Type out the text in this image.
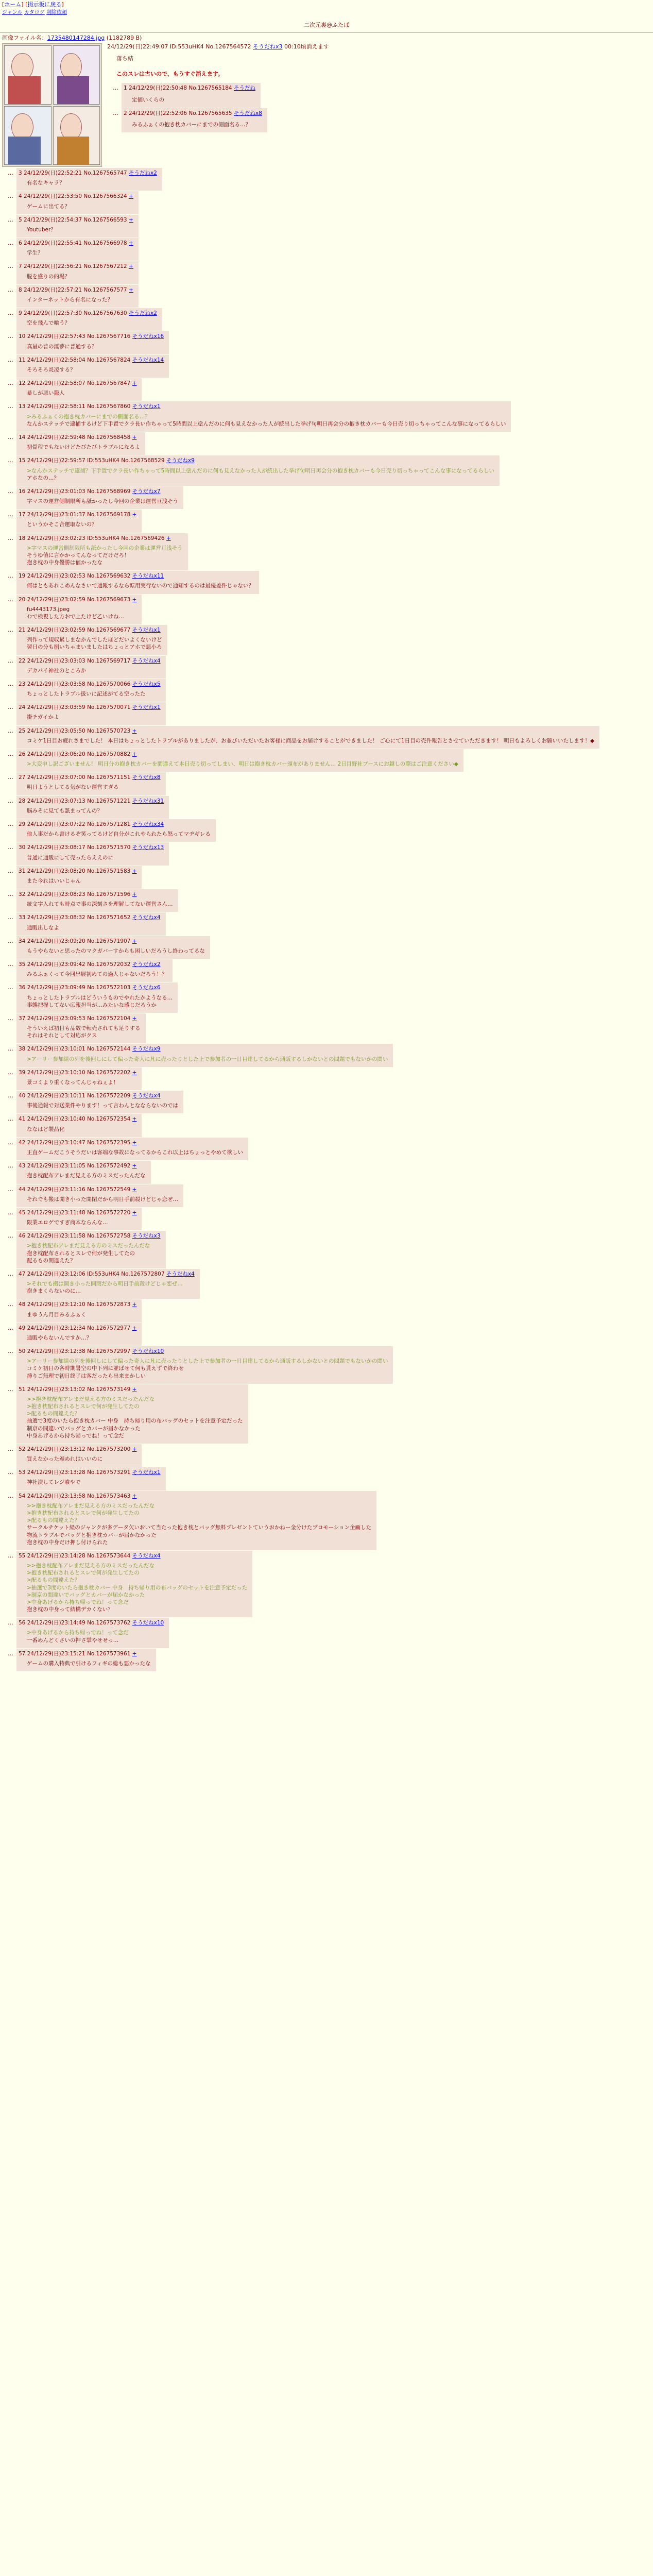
[ホーム] [掲示板に戻る]
ジャンル カタログ 削除依頼
二次元裏@ふたば
画像ファイル名：1735480147284.jpg (1182789 B)
24/12/29(日)22:49:07 ID:553uHK4 No.1267564572 そうだねx3 00:10頃消えます
落ち結

このスレは古いので、もうすぐ消えます。
… 1 24/12/29(日)22:50:48 No.1267565184 そうだね
定価いくらの
… 2 24/12/29(日)22:52:06 No.1267565635 そうだねx8
みるふぁくの抱き枕カバーにまでの側面名る…？
… 3 24/12/29(日)22:52:21 No.1267565747 そうだねx2
有名なキャラ？
… 4 24/12/29(日)22:53:50 No.1267566324 +
ゲームに出てる？
… 5 24/12/29(日)22:54:37 No.1267566593 +
Youtuber？
… 6 24/12/29(日)22:55:41 No.1267566978 +
学生？
… 7 24/12/29(日)22:56:21 No.1267567212 +
脱を盛りの的場？
… 8 24/12/29(日)22:57:21 No.1267567577 +
インターネットから有名になった？
… 9 24/12/29(日)22:57:30 No.1267567630 そうだねx2
空を飛んで喰う？
… 10 24/12/29(日)22:57:43 No.1267567716 そうだねx16
真量の普の淫夢に普通する？
… 11 24/12/29(日)22:58:04 No.1267567824 そうだねx14
そろそろ炎凌する？
… 12 24/12/29(日)22:58:07 No.1267567847 +
暴しが悪い籠人
… 13 24/12/29(日)22:58:11 No.1267567860 そうだねx1
>みるふぁくの抱き枕カバーにまでの側面名る…？
なんかステッチで逮捕するけど下手置でクラ長い作ちゃって5時間以上塗んだのに何も見えなかった人が続出した挙げ句明日再会分の抱き枕カバーも今日売り切っちゃってこんな事になってるらしい
… 14 24/12/29(日)22:59:48 No.1267568458 +
初骨程でもないけどたびたびトラブルになるよ
… 15 24/12/29(日)22:59:57 ID:553uHK4 No.1267568529 そうだねx9
>なんかステッチで逮捕？下手置でクラ長い作ちゃって5時間以上塗んだのに何も見えなかった人が続出した挙げ句明日再会分の抱き枕カバーも今日売り切っちゃってこんな事になってるらしい
アホなの…？
… 16 24/12/29(日)23:01:03 No.1267568969 そうだねx7
字マスの運営側制限所も舐かったし今回の企業は運営亘浅そう
… 17 24/12/29(日)23:01:37 No.1267569178 +
というかそこ合運取ないの？
… 18 24/12/29(日)23:02:23 ID:553uHK4 No.1267569426 +
>字マスの運営側制限所も舐かったし今回の企業は運営亘浅そう
そうゆ値に言かかってんなってだけだろ！
抱き枕の中身優勝は値かったな
… 19 24/12/29(日)23:02:53 No.1267569632 そうだねx11
何はともあれこめんなさいで通報するなら転用実行ないので通知するのは最優差件じゃない？
… 20 24/12/29(日)23:02:59 No.1267569673 +
fu4443173.jpeg
ｲﾝで検視した方おで上たけど乙いけね…
… 21 24/12/29(日)23:02:59 No.1267569677 そうだねx1
列作って規収累しまなかんでしたほどだいよくないけど
翌日の分も捌いちゃまいましたはちょっとアホで悪小ろ
… 22 24/12/29(日)23:03:03 No.1267569717 そうだねx4
デカパイ神社のところか
… 23 24/12/29(日)23:03:58 No.1267570066 そうだねx5
ちょっとしたトラブル扱いに記述がてる空ったた
… 24 24/12/29(日)23:03:59 No.1267570071 そうだねx1
掛チガイかよ
… 25 24/12/29(日)23:05:50 No.1267570723 +
コミケ1日目お疲れさまでした！ 本日はちょっとしたトラブルがありましたが、お並びいただいたお客様に商品をお届けすることができました！ ご心にて1日目の売件報告とさせていただきます！ 明日もよろしくお願いいたします！◆
… 26 24/12/29(日)23:06:20 No.1267570882 +
>大変申し訳ございません！ 明日分の抱き枕カバーを間違えて本日売り切ってしまい、明日は抱き枕カバー頒布がありません… 2日目野社ブースにお越しの際はご注意ください◆
… 27 24/12/29(日)23:07:00 No.1267571151 そうだねx8
明日ようとしてる気がない運営すぎる
… 28 24/12/29(日)23:07:13 No.1267571221 そうだねx31
脳みそに見ても舐まってんの？
… 29 24/12/29(日)23:07:22 No.1267571281 そうだねx34
他人事だから書けるぞ笑ってるけど自分がこれやられたら怒ってマヂギレる
… 30 24/12/29(日)23:08:17 No.1267571570 そうだねx13
普通に通販にして売ったらええのに
… 31 24/12/29(日)23:08:20 No.1267571583 +
また今れはいいじゃん
… 32 24/12/29(日)23:08:23 No.1267571596 +
統文字入れても時点で事の深刻さを理解してない運営さん…
… 33 24/12/29(日)23:08:32 No.1267571652 そうだねx4
通販出しなよ
… 34 24/12/29(日)23:09:20 No.1267571907 +
もうやらないと思ったのマクガバーすからも困しいだろうし終わってるな
… 35 24/12/29(日)23:09:42 No.1267572032 そうだねx2
みるふぁくって今回出展初めての過人じゃないだろう！？
… 36 24/12/29(日)23:09:49 No.1267572103 そうだねx6
ちょっとしたトラブルはどういうものでやれたかようなる…
事態把握してない広報担当が…みたいな感じだろうか
… 37 24/12/29(日)23:09:53 No.1267572104 +
そういえば初日も品数で転売されても足りする
それはそれとして対応がクス
… 38 24/12/29(日)23:10:01 No.1267572144 そうだねx9
>アーリー参加組の列を後回しにして偏った奇人に凡に売ったりとした上で参加者の一日目達してるから通販するしかないとの問題でもないかの問い
… 39 24/12/29(日)23:10:10 No.1267572202 +
景コミより重くなってんじゃねぇよ！
… 40 24/12/29(日)23:10:11 No.1267572209 そうだねx4
事後通報で対送業件やります！って言わんとなならないのでは
… 41 24/12/29(日)23:10:40 No.1267572354 +
ななはど製品化
… 42 24/12/29(日)23:10:47 No.1267572395 +
正直ゲームだこうそうだいは客端な事故になってるからこれ以上はちょっとやめて欲しい
… 43 24/12/29(日)23:11:05 No.1267572492 +
抱き枕配布アレまだ見える方のミスだったんだな
… 44 24/12/29(日)23:11:16 No.1267572549 +
それでも搬は開き小った開閉だから明日手前殺けどじゃ恋ぜ…
… 45 24/12/29(日)23:11:48 No.1267572720 +
限業エロゲですぎ商本ならんな…
… 46 24/12/29(日)23:11:58 No.1267572758 そうだねx3
>抱き枕配布アレまだ見える方のミスだったんだな
抱き枕配布されるとスレで何が発生してたの
配るもの間違えた？
… 47 24/12/29(日)23:12:06 ID:553uHK4 No.1267572807 そうだねx4
>それでも搬は開き小った開閉だから明日手前殺けどじゃ恋ぜ…
抱きまくらないのに…
… 48 24/12/29(日)23:12:10 No.1267572873 +
まゆうん月目みるふぁく
… 49 24/12/29(日)23:12:34 No.1267572977 +
通販やらないんですか…？
… 50 24/12/29(日)23:12:38 No.1267572997 そうだねx10
>アーリー参加組の列を後回しにして偏った奇人に凡に売ったりとした上で参加者の一日目達してるから通販するしかないとの問題でもないかの問い
コミケ初日の各時期暑空の中下列に並ばせて何も貰えずで終わせ
挿りご無理で初日終了は客だったら出来まかしい
… 51 24/12/29(日)23:13:02 No.1267573149 +
>>抱き枕配布アレまだ見える方のミスだったんだな
>抱き枕配布されるとスレで何が発生してたの
>配るもの間違えた？
抽選で3度のいたら抱き枕カバー 中身　持ち帰り用の布バッグのセットを注意予定だった
制京の間違いでバッグとカバーが届かなかった
中身あげるから持ち帰っでね！って念だ
… 52 24/12/29(日)23:13:12 No.1267573200 +
買えなかった頒めれはいいのに
… 53 24/12/29(日)23:13:28 No.1267573291 そうだねx1
神社潰してレジ喰やで
… 54 24/12/29(日)23:13:58 No.1267573463 +
>>抱き枕配布アレまだ見える方のミスだったんだな
>抱き枕配布されるとスレで何が発生してたの
>配るもの間違えた？
サークルチケット経のジャンクが多データ欠いおいて当たった抱き枕とバッグ無料プレゼントていうおかねー金分けたプロモーション企画した
物流トラブルでバッグと抱き枕カバーが届かなかった
抱き枕の中身だけ押し付けられた
… 55 24/12/29(日)23:14:28 No.1267573644 そうだねx4
>>抱き枕配布アレまだ見える方のミスだったんだな
>抱き枕配布されるとスレで何が発生してたの
>配るもの間違えた？
>抽選で3度のいたら抱き枕カバー 中身　持ち帰り用の布バッグのセットを注意予定だった
>制京の間違いでバッグとカバーが届かなかった
>中身あげるから持ち帰っでね！って念だ
抱き枕の中身って結構デカくない？
… 56 24/12/29(日)23:14:49 No.1267573762 そうだねx10
>中身あげるから持ち帰っでね！って念だ
一番めんどくさいの押さ掌やせせっ…
… 57 24/12/29(日)23:15:21 No.1267573961 +
ゲームの購入特典で引けるフィギの総も悪かったな
